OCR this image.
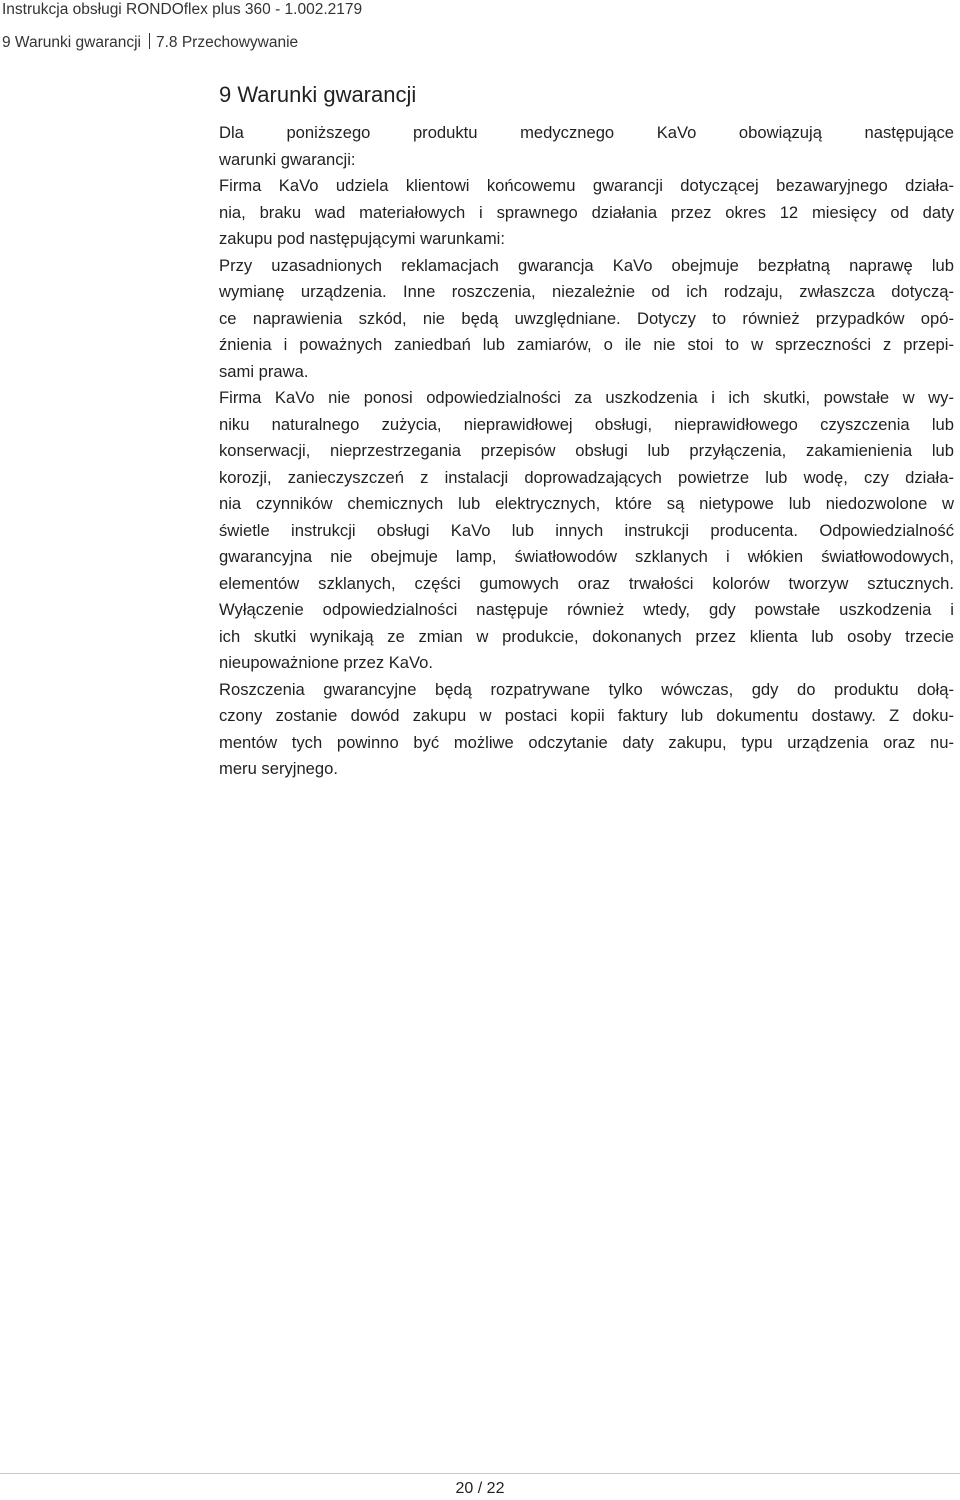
Instrukcja obsługi RONDOflex plus 360 - 1.002.2179
9 Warunki gwarancji 7.8 Przechowywanie
9 Warunki gwarancji

Dla poniższego produktu medycznego KaVo obowiązują następujące
warunki gwarancji:

Firma KaVo udziela klientowi końcowemu gwarancji dotyczącej bezawaryjnego działa-
nia, braku wad materiałowych i sprawnego działania przez okres 12 miesięcy od daty
zakupu pod następującymi warunkami:

Przy uzasadnionych reklamacjach gwarancja KaVo obejmuje bezpłatną naprawę lub
wymianę urządzenia. Inne roszczenia, niezależnie od ich rodzaju, zwłaszcza dotyczą-
ce naprawienia szkód, nie będą uwzględniane. Dotyczy to również przypadków opó-
źnienia i poważnych zaniedbań lub zamiarów, o ile nie stoi to w sprzeczności z przepi-
sami prawa.

Firma KaVo nie ponosi odpowiedzialności za uszkodzenia i ich skutki, powstałe w wy-
niku naturalnego zużycia, nieprawidłowej obsługi, nieprawidłowego czyszczenia lub
konserwacji, nieprzestrzegania przepisów obsługi lub przyłączenia, zakamienienia lub
korozji, zanieczyszczeń z instalacji doprowadzających powietrze lub wodę, czy działa-
nia czynników chemicznych lub elektrycznych, które są nietypowe lub niedozwolone w
świetle instrukcji obsługi KaVo lub innych instrukcji producenta. Odpowiedzialność
gwarancyjna nie obejmuje lamp, światłowodów szklanych i włókien światłowodowych,
elementów szklanych, części gumowych oraz trwałości kolorów tworzyw sztucznych.
Wyłączenie odpowiedzialności następuje również wtedy, gdy powstałe uszkodzenia i
ich skutki wynikają ze zmian w produkcie, dokonanych przez klienta lub osoby trzecie
nieupoważnione przez KaVo.

Roszczenia gwarancyjne będą rozpatrywane tylko wówczas, gdy do produktu dołą-
czony zostanie dowód zakupu w postaci kopii faktury lub dokumentu dostawy. Z doku-
mentów tych powinno być możliwe odczytanie daty zakupu, typu urządzenia oraz nu-
meru seryjnego.

20 / 22
